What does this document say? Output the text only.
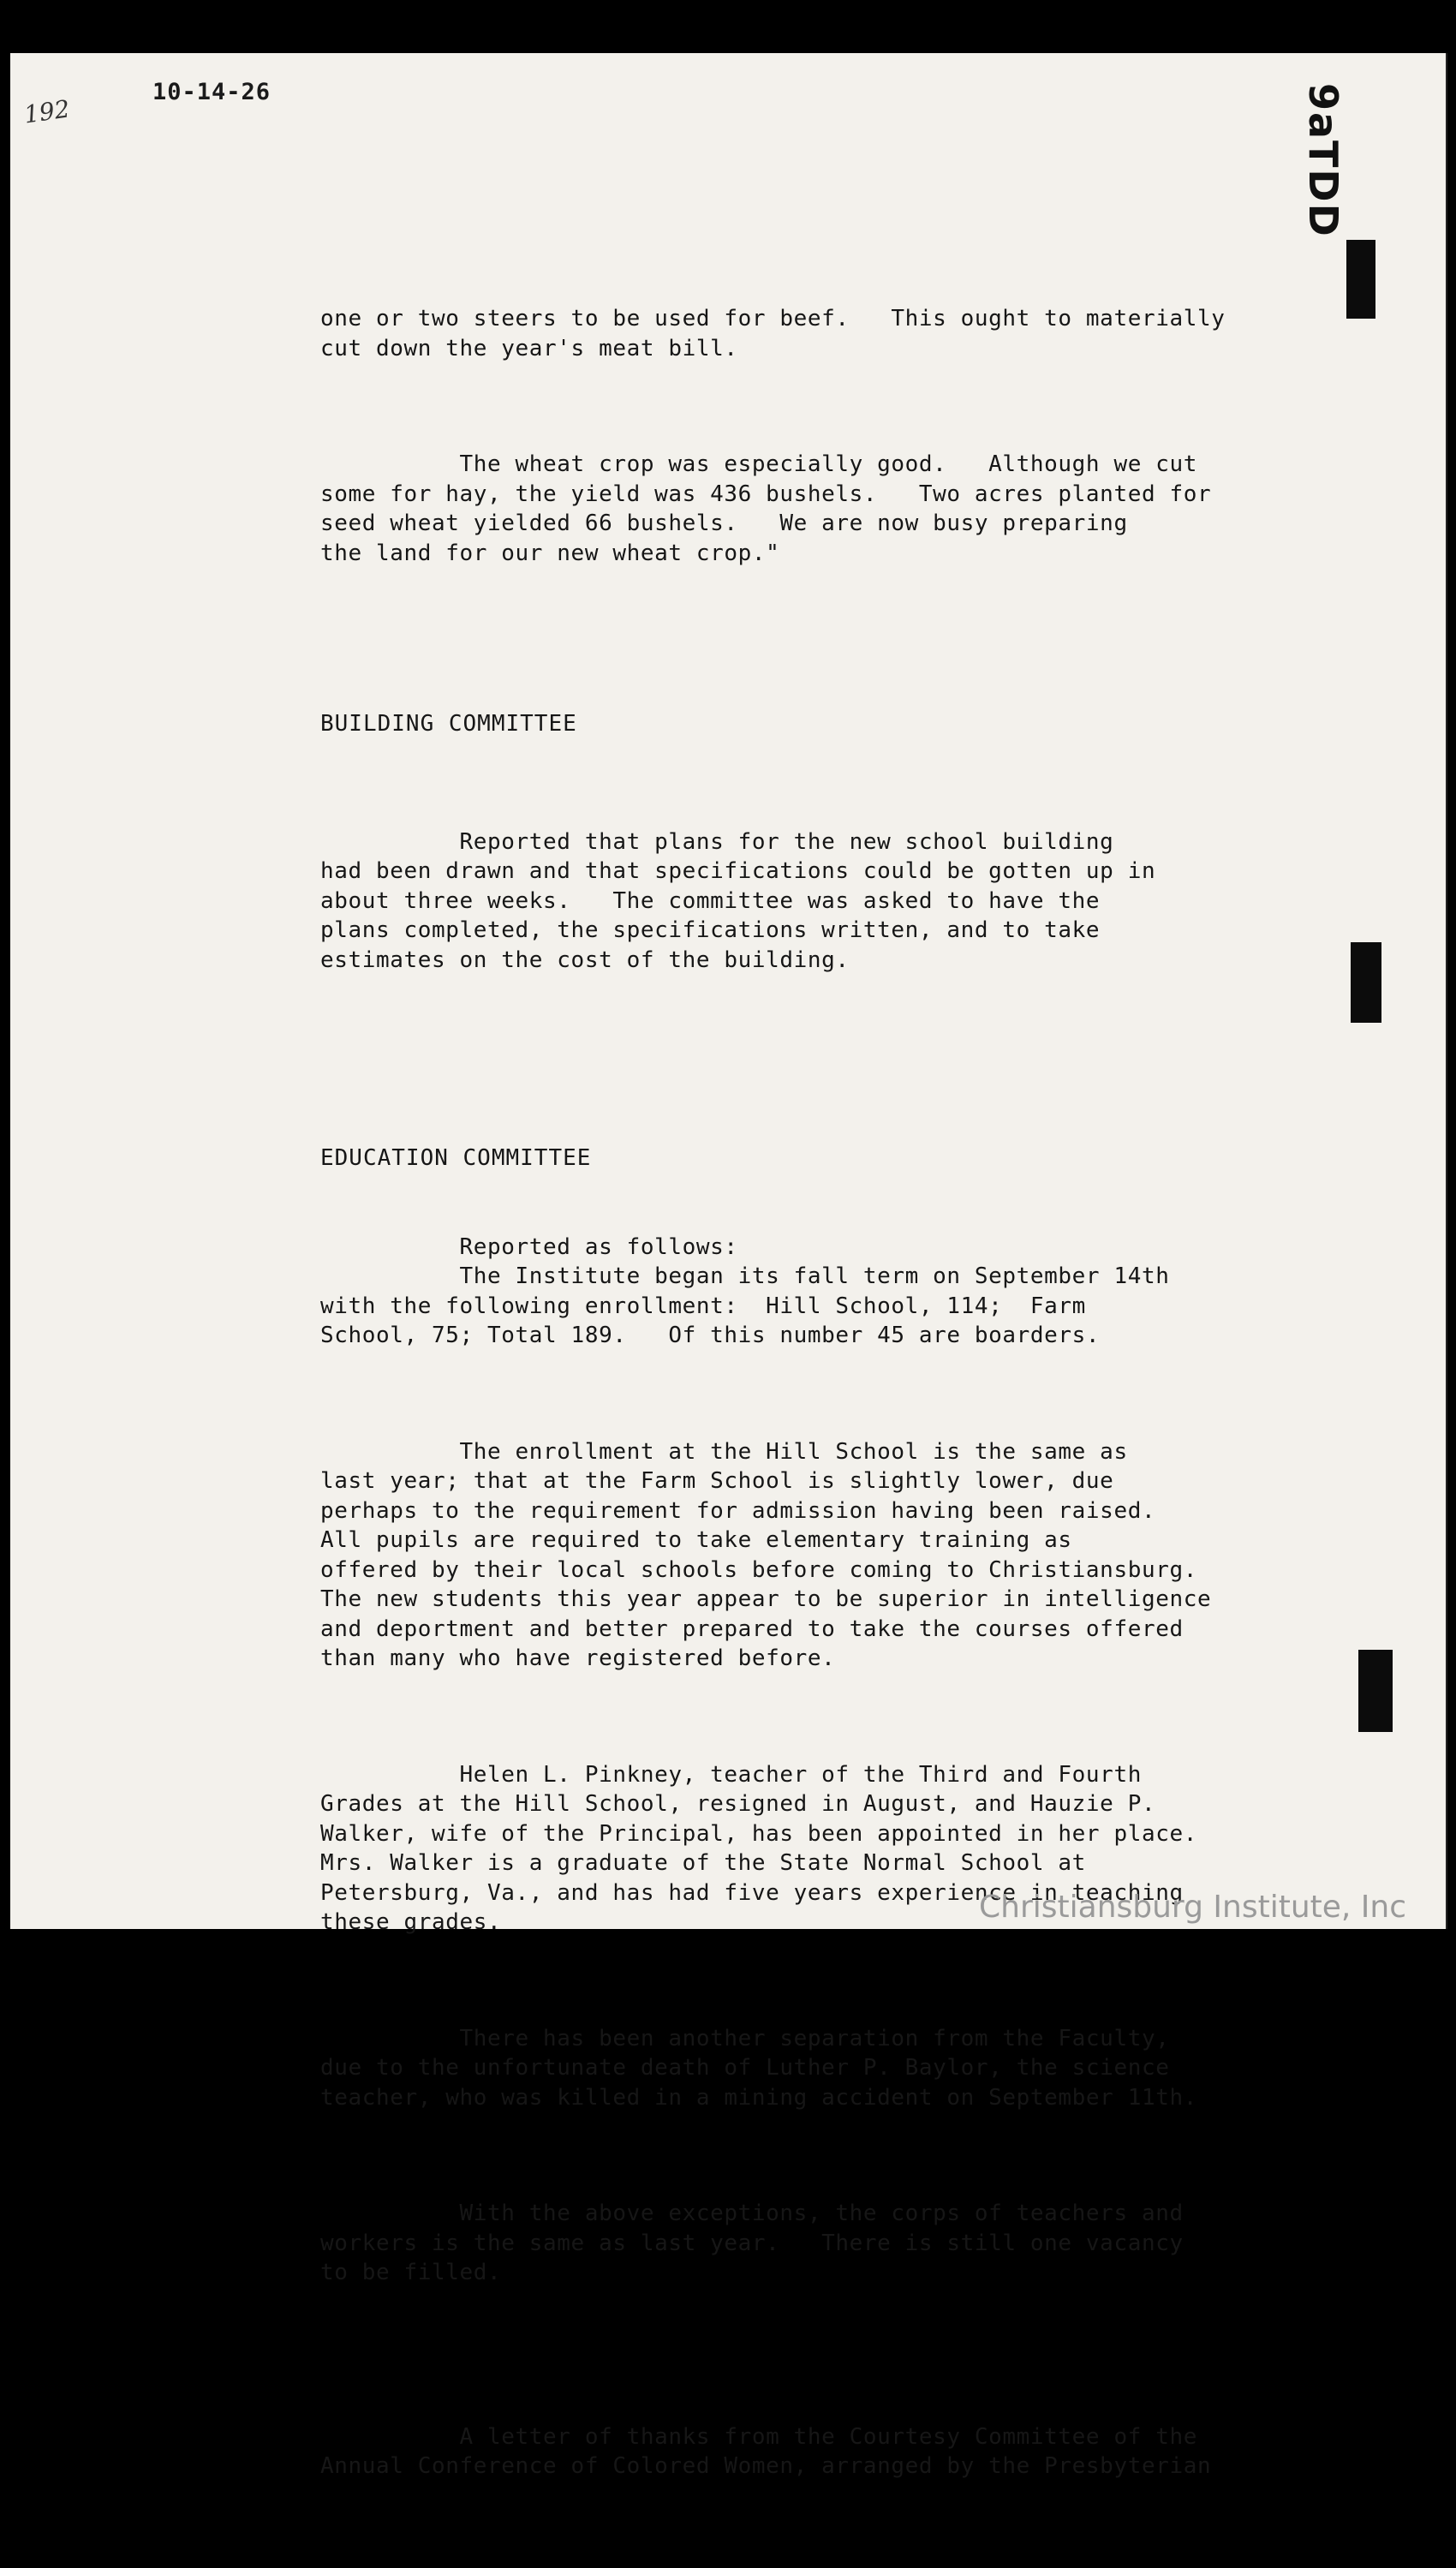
192
10-14-26	9aTDD

one or two steers to be used for beef.   This ought to materially
cut down the year's meat bill.

The wheat crop was especially good.   Although we cut
some for hay, the yield was 436 bushels.   Two acres planted for
seed wheat yielded 66 bushels.   We are now busy preparing
the land for our new wheat crop."

BUILDING COMMITTEE

Reported that plans for the new school building
had been drawn and that specifications could be gotten up in
about three weeks.   The committee was asked to have the
plans completed, the specifications written, and to take
estimates on the cost of the building.

EDUCATION COMMITTEE

Reported as follows:
The Institute began its fall term on September 14th
with the following enrollment:  Hill School, 114;  Farm
School, 75; Total 189.   Of this number 45 are boarders.

The enrollment at the Hill School is the same as
last year; that at the Farm School is slightly lower, due
perhaps to the requirement for admission having been raised.
All pupils are required to take elementary training as
offered by their local schools before coming to Christiansburg.
The new students this year appear to be superior in intelligence
and deportment and better prepared to take the courses offered
than many who have registered before.

Helen L. Pinkney, teacher of the Third and Fourth
Grades at the Hill School, resigned in August, and Hauzie P.
Walker, wife of the Principal, has been appointed in her place.
Mrs. Walker is a graduate of the State Normal School at
Petersburg, Va., and has had five years experience in teaching
these grades.

There has been another separation from the Faculty,
due to the unfortunate death of Luther P. Baylor, the science
teacher, who was killed in a mining accident on September 11th.

With the above exceptions, the corps of teachers and
workers is the same as last year.   There is still one vacancy
to be filled.

A letter of thanks from the Courtesy Committee of the
Annual Conference of Colored Women, arranged by the Presbyterian

Christiansburg Institute, Inc
